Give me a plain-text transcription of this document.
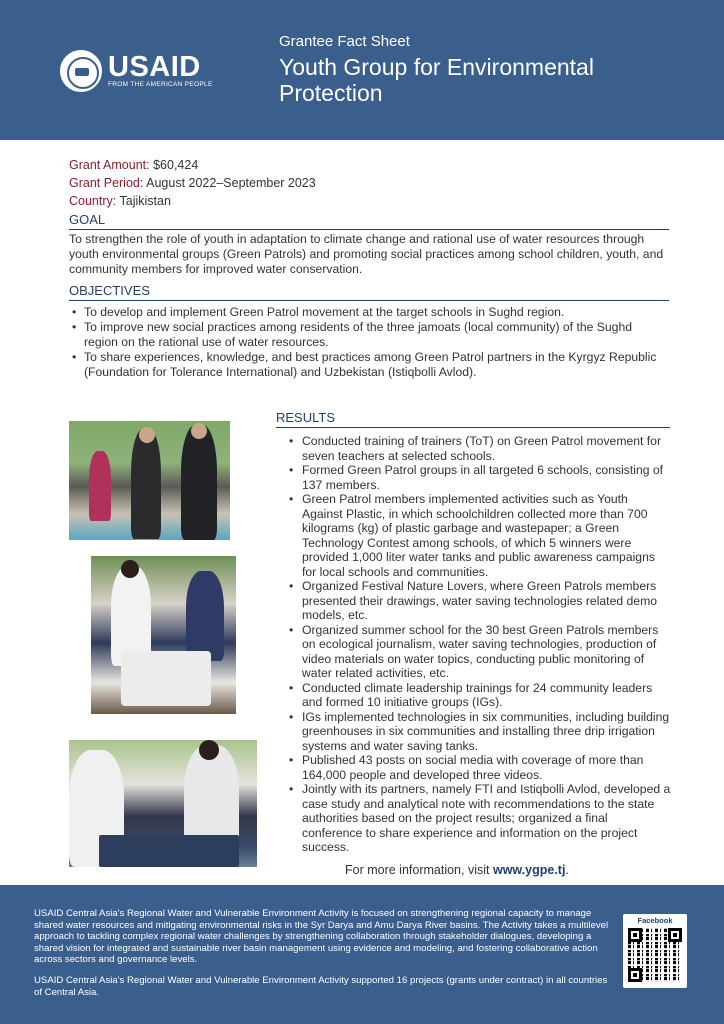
USAID
FROM THE AMERICAN PEOPLE
Grantee Fact Sheet
Youth Group for Environmental Protection
Grant Amount: $60,424
Grant Period: August 2022–September 2023
Country: Tajikistan
GOAL
To strengthen the role of youth in adaptation to climate change and rational use of water resources through youth environmental groups (Green Patrols) and promoting social practices among school children, youth, and community members for improved water conservation.
OBJECTIVES
• To develop and implement Green Patrol movement at the target schools in Sughd region.
• To improve new social practices among residents of the three jamoats (local community) of the Sughd region on the rational use of water resources.
• To share experiences, knowledge, and best practices among Green Patrol partners in the Kyrgyz Republic (Foundation for Tolerance International) and Uzbekistan (Istiqbolli Avlod).
RESULTS
• Conducted training of trainers (ToT) on Green Patrol movement for seven teachers at selected schools.
• Formed Green Patrol groups in all targeted 6 schools, consisting of 137 members.
• Green Patrol members implemented activities such as Youth Against Plastic, in which schoolchildren collected more than 700 kilograms (kg) of plastic garbage and wastepaper; a Green Technology Contest among schools, of which 5 winners were provided 1,000 liter water tanks and public awareness campaigns for local schools and communities.
• Organized Festival Nature Lovers, where Green Patrols members presented their drawings, water saving technologies related demo models, etc.
• Organized summer school for the 30 best Green Patrols members on ecological journalism, water saving technologies, production of video materials on water topics, conducting public monitoring of water related activities, etc.
• Conducted climate leadership trainings for 24 community leaders and formed 10 initiative groups (IGs).
• IGs implemented technologies in six communities, including building greenhouses in six communities and installing three drip irrigation systems and water saving tanks.
• Published 43 posts on social media with coverage of more than 164,000 people and developed three videos.
• Jointly with its partners, namely FTI and Istiqbolli Avlod, developed a case study and analytical note with recommendations to the state authorities based on the project results; organized a final conference to share experience and information on the project success.
For more information, visit www.ygpe.tj.
USAID Central Asia's Regional Water and Vulnerable Environment Activity is focused on strengthening regional capacity to manage shared water resources and mitigating environmental risks in the Syr Darya and Amu Darya River basins. The Activity takes a multilevel approach to tackling complex regional water challenges by strengthening collaboration through stakeholder dialogues, developing a shared vision for integrated and sustainable river basin management using evidence and modeling, and fostering collaborative action across sectors and governance levels.
USAID Central Asia's Regional Water and Vulnerable Environment Activity supported 16 projects (grants under contract) in all countries of Central Asia.
Facebook
